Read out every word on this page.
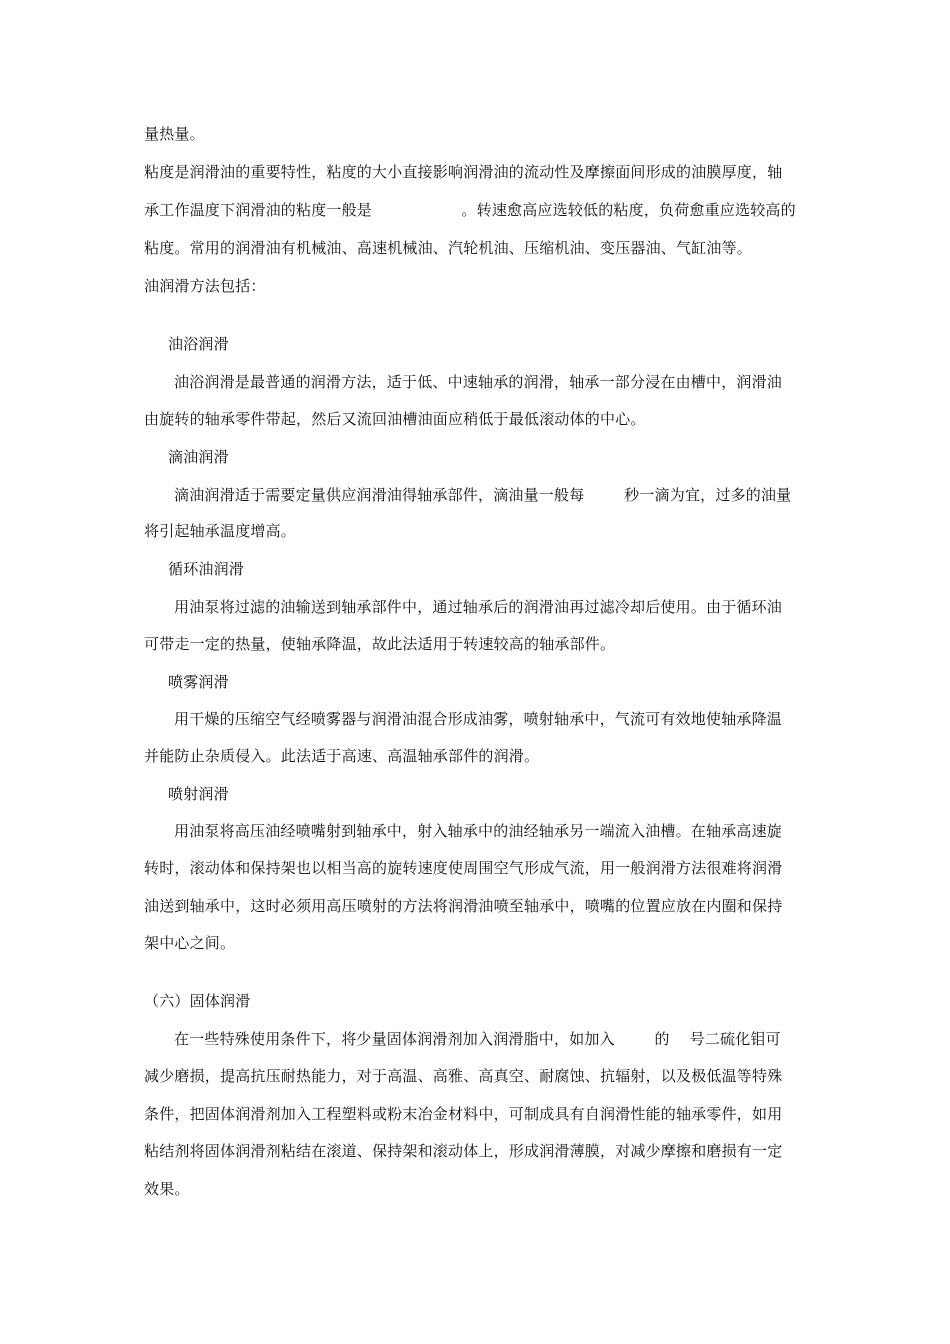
量热量。
粘度是润滑油的重要特性，粘度的大小直接影响润滑油的流动性及摩擦面间形成的油膜厚度，轴
承工作温度下润滑油的粘度一般是                  。转速愈高应选较低的粘度，负荷愈重应选较高的
粘度。常用的润滑油有机械油、高速机械油、汽轮机油、压缩机油、变压器油、气缸油等。
油润滑方法包括：
油浴润滑
油浴润滑是最普通的润滑方法，适于低、中速轴承的润滑，轴承一部分浸在由槽中，润滑油
由旋转的轴承零件带起，然后又流回油槽油面应稍低于最低滚动体的中心。
滴油润滑
滴油润滑适于需要定量供应润滑油得轴承部件，滴油量一般每        秒一滴为宜，过多的油量
将引起轴承温度增高。
循环油润滑
用油泵将过滤的油输送到轴承部件中，通过轴承后的润滑油再过滤冷却后使用。由于循环油
可带走一定的热量，使轴承降温，故此法适用于转速较高的轴承部件。
喷雾润滑
用干燥的压缩空气经喷雾器与润滑油混合形成油雾，喷射轴承中，气流可有效地使轴承降温
并能防止杂质侵入。此法适于高速、高温轴承部件的润滑。
喷射润滑
用油泵将高压油经喷嘴射到轴承中，射入轴承中的油经轴承另一端流入油槽。在轴承高速旋
转时，滚动体和保持架也以相当高的旋转速度使周围空气形成气流，用一般润滑方法很难将润滑
油送到轴承中，这时必须用高压喷射的方法将润滑油喷至轴承中，喷嘴的位置应放在内圈和保持
架中心之间。
（六）固体润滑
在一些特殊使用条件下，将少量固体润滑剂加入润滑脂中，如加入        的    号二硫化钼可
减少磨损，提高抗压耐热能力，对于高温、高雅、高真空、耐腐蚀、抗辐射，以及极低温等特殊
条件，把固体润滑剂加入工程塑料或粉末冶金材料中，可制成具有自润滑性能的轴承零件，如用
粘结剂将固体润滑剂粘结在滚道、保持架和滚动体上，形成润滑薄膜，对减少摩擦和磨损有一定
效果。
